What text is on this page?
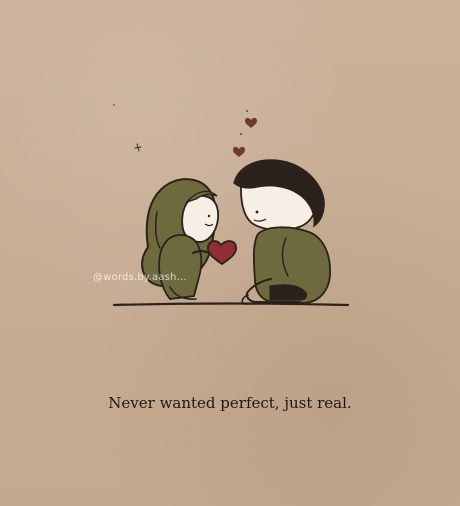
@words.by.aash...
Never wanted perfect, just real.
